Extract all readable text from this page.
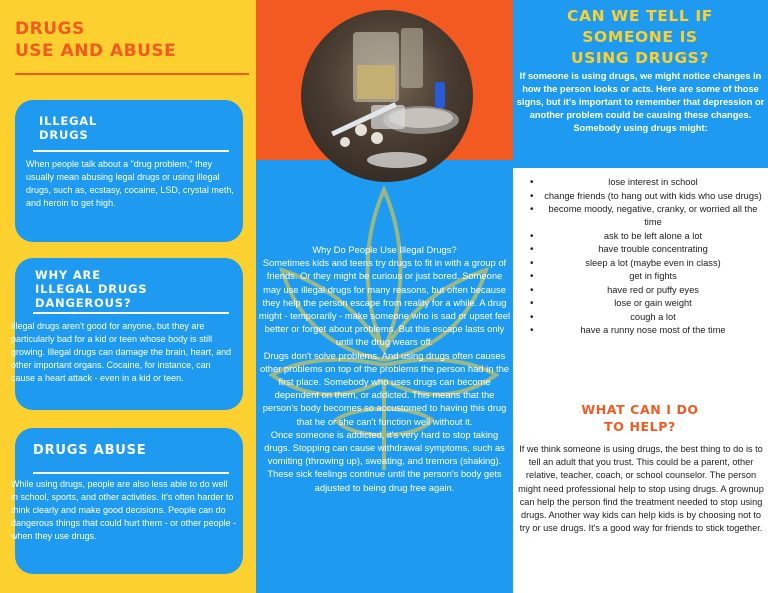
DRUGS
USE AND ABUSE
ILLEGAL
DRUGS
When people talk about a "drug problem," they usually mean abusing legal drugs or using illegal drugs, such as, ecstasy, cocaine, LSD, crystal meth, and heroin to get high.
WHY ARE
ILLEGAL DRUGS
DANGEROUS?
Illegal drugs aren't good for anyone, but they are particularly bad for a kid or teen whose body is still growing. Illegal drugs can damage the brain, heart, and other important organs. Cocaine, for instance, can cause a heart attack - even in a kid or teen.
DRUGS ABUSE
While using drugs, people are also less able to do well in school, sports, and other activities. It's often harder to think clearly and make good decisions. People can do dangerous things that could hurt them - or other people - when they use drugs.

Why Do People Use Illegal Drugs?

Sometimes kids and teens try drugs to fit in with a group of friends. Or they might be curious or just bored. Someone may use illegal drugs for many reasons, but often because they help the person escape from reality for a while. A drug might - temporarily - make someone who is sad or upset feel better or forget about problems. But this escape lasts only until the drug wears off.

Drugs don't solve problems. And using drugs often causes other problems on top of the problems the person had in the first place. Somebody who uses drugs can become dependent on them, or addicted. This means that the person's body becomes so accustomed to having this drug that he or she can't function well without it.

Once someone is addicted, it's very hard to stop taking drugs. Stopping can cause withdrawal symptoms, such as vomiting (throwing up), sweating, and tremors (shaking). These sick feelings continue until the person's body gets adjusted to being drug free again.

CAN WE TELL IF
SOMEONE IS
USING DRUGS?
If someone is using drugs, we might notice changes in how the person looks or acts. Here are some of those signs, but it's important to remember that depression or another problem could be causing these changes. Somebody using drugs might:
• lose interest in school
• change friends (to hang out with kids who use drugs)
• become moody, negative, cranky, or worried all the time
• ask to be left alone a lot
• have trouble concentrating
• sleep a lot (maybe even in class)
• get in fights
• have red or puffy eyes
• lose or gain weight
• cough a lot
• have a runny nose most of the time
WHAT CAN I DO
TO HELP?
If we think someone is using drugs, the best thing to do is to tell an adult that you trust. This could be a parent, other relative, teacher, coach, or school counselor. The person might need professional help to stop using drugs. A grownup can help the person find the treatment needed to stop using drugs. Another way kids can help kids is by choosing not to try or use drugs. It's a good way for friends to stick together.
